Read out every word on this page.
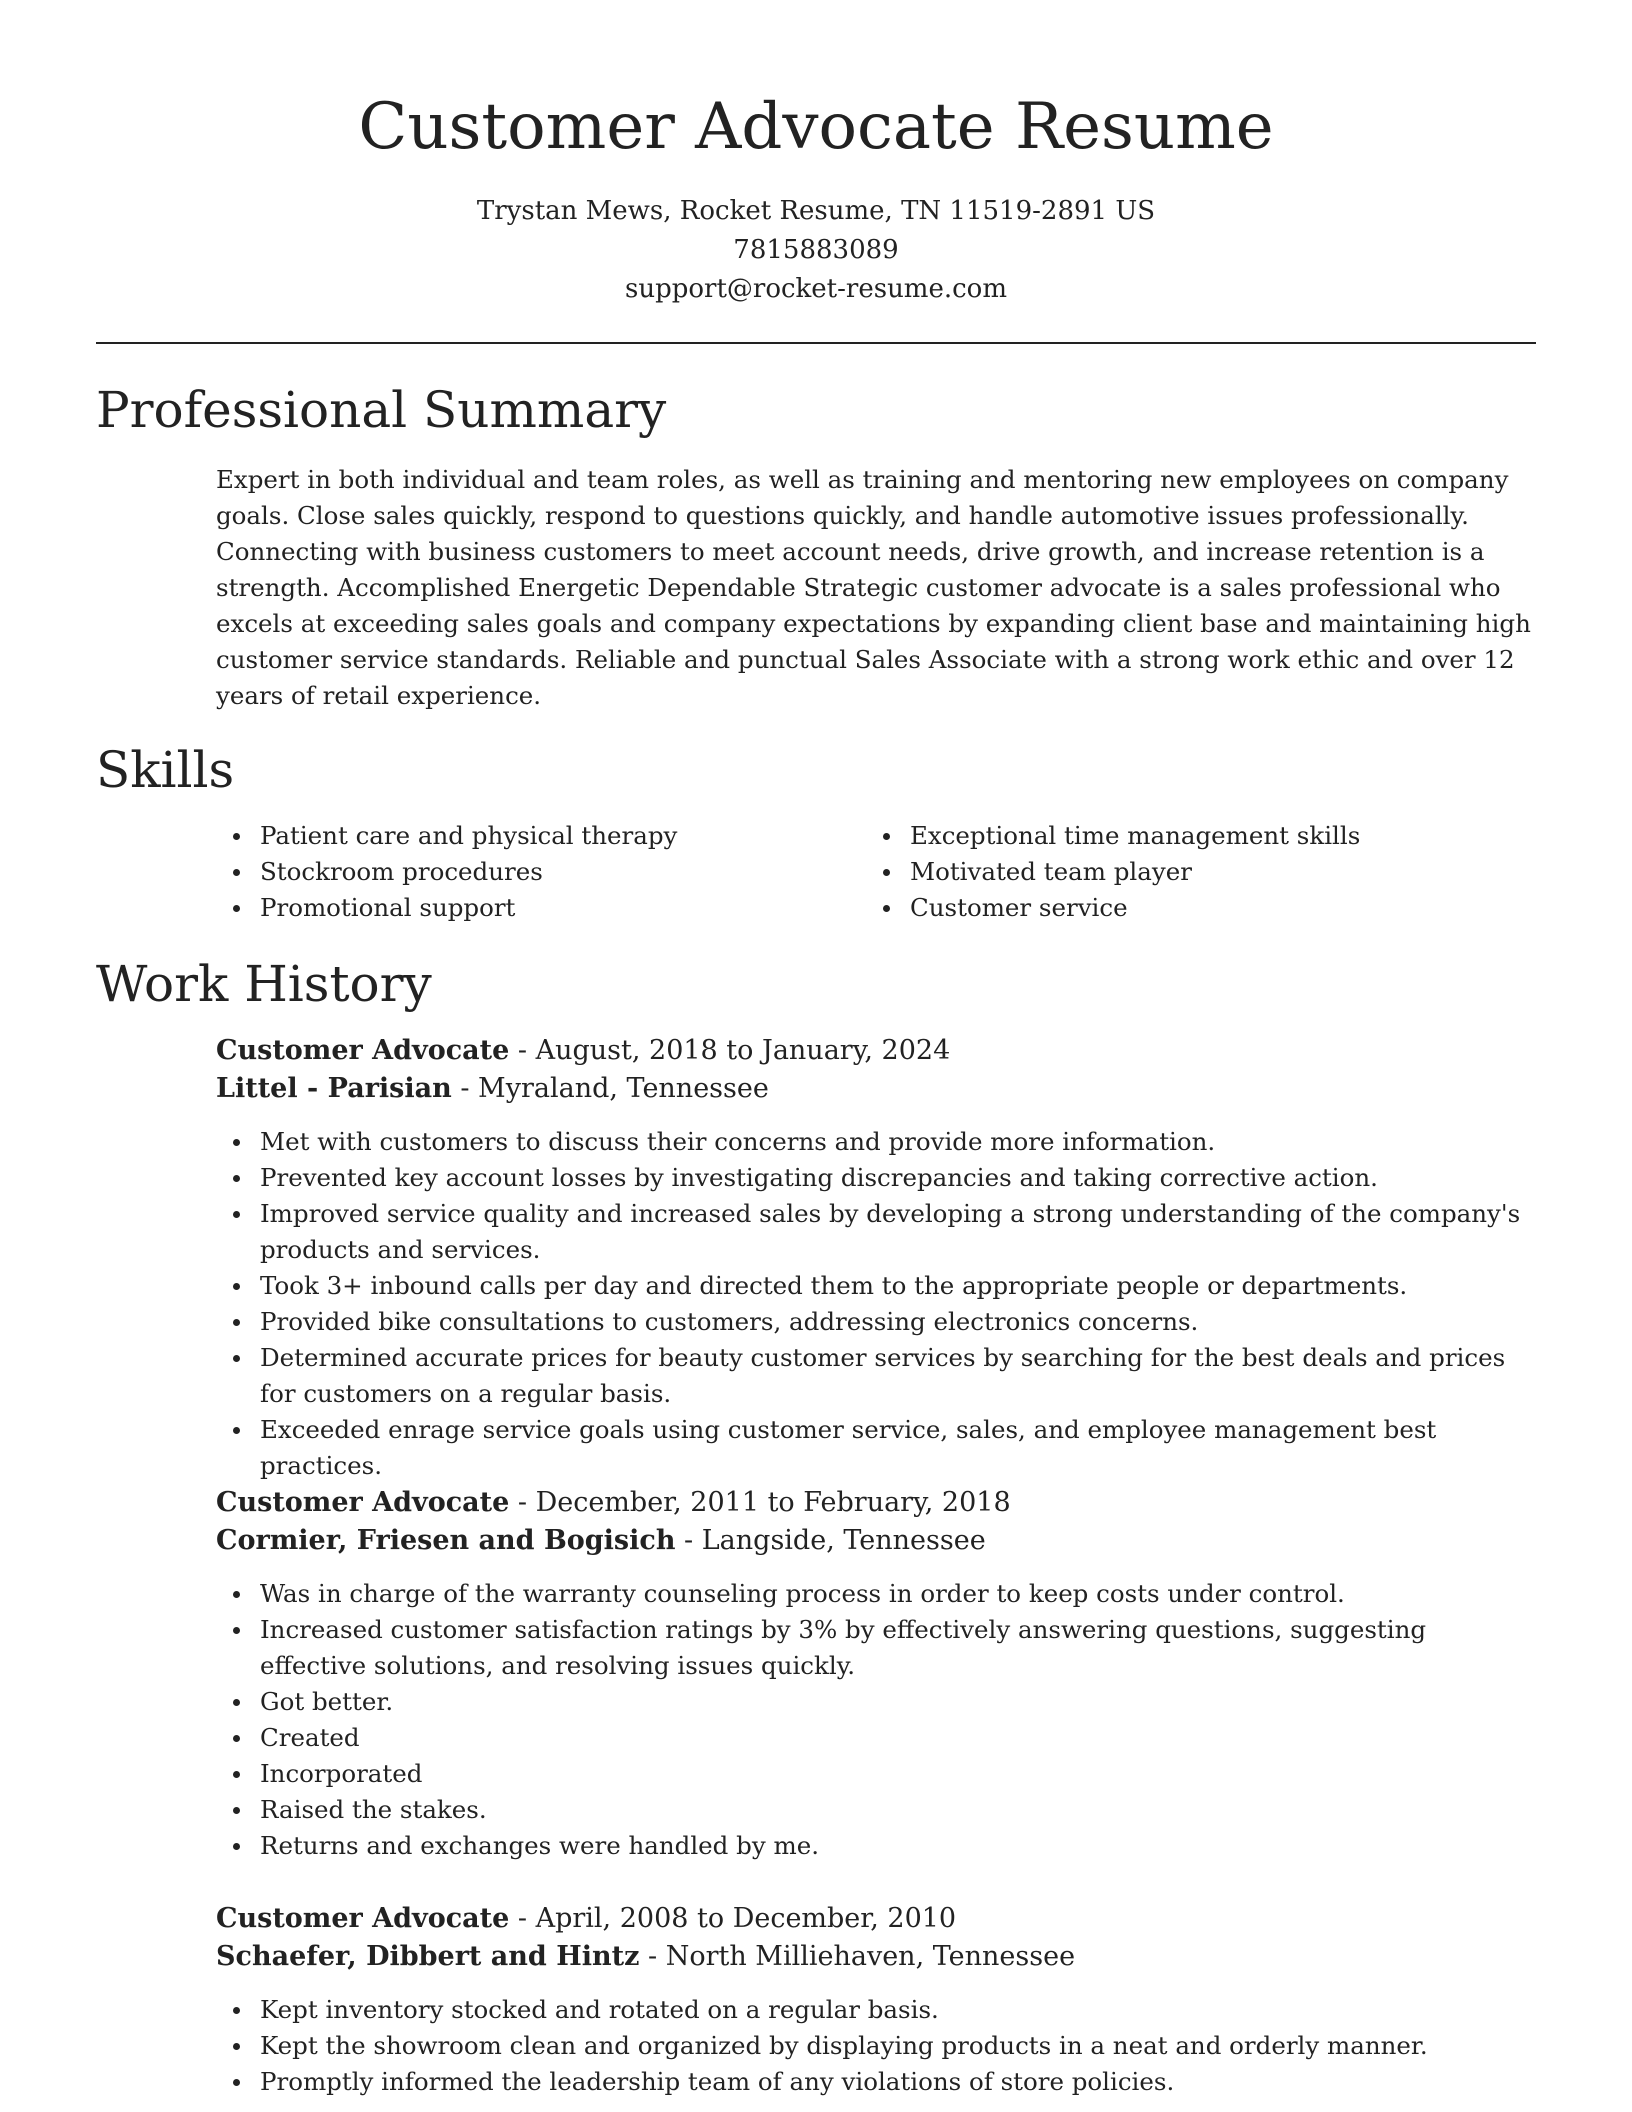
Customer Advocate Resume
Trystan Mews, Rocket Resume, TN 11519-2891 US
7815883089
support@rocket-resume.com
Professional Summary

Expert in both individual and team roles, as well as training and mentoring new employees on company goals. Close sales quickly, respond to questions quickly, and handle automotive issues professionally. Connecting with business customers to meet account needs, drive growth, and increase retention is a strength. Accomplished Energetic Dependable Strategic customer advocate is a sales professional who excels at exceeding sales goals and company expectations by expanding client base and maintaining high customer service standards. Reliable and punctual Sales Associate with a strong work ethic and over 12 years of retail experience.

Skills
Patient care and physical therapy
Stockroom procedures
Promotional support
Exceptional time management skills
Motivated team player
Customer service
Work History
Customer Advocate - August, 2018 to January, 2024
Littel - Parisian - Myraland, Tennessee
Met with customers to discuss their concerns and provide more information.
Prevented key account losses by investigating discrepancies and taking corrective action.
Improved service quality and increased sales by developing a strong understanding of the company's products and services.
Took 3+ inbound calls per day and directed them to the appropriate people or departments.
Provided bike consultations to customers, addressing electronics concerns.
Determined accurate prices for beauty customer services by searching for the best deals and prices for customers on a regular basis.
Exceeded enrage service goals using customer service, sales, and employee management best practices.
Customer Advocate - December, 2011 to February, 2018
Cormier, Friesen and Bogisich - Langside, Tennessee
Was in charge of the warranty counseling process in order to keep costs under control.
Increased customer satisfaction ratings by 3% by effectively answering questions, suggesting effective solutions, and resolving issues quickly.
Got better.
Created
Incorporated
Raised the stakes.
Returns and exchanges were handled by me.
Customer Advocate - April, 2008 to December, 2010
Schaefer, Dibbert and Hintz - North Milliehaven, Tennessee
Kept inventory stocked and rotated on a regular basis.
Kept the showroom clean and organized by displaying products in a neat and orderly manner.
Promptly informed the leadership team of any violations of store policies.
